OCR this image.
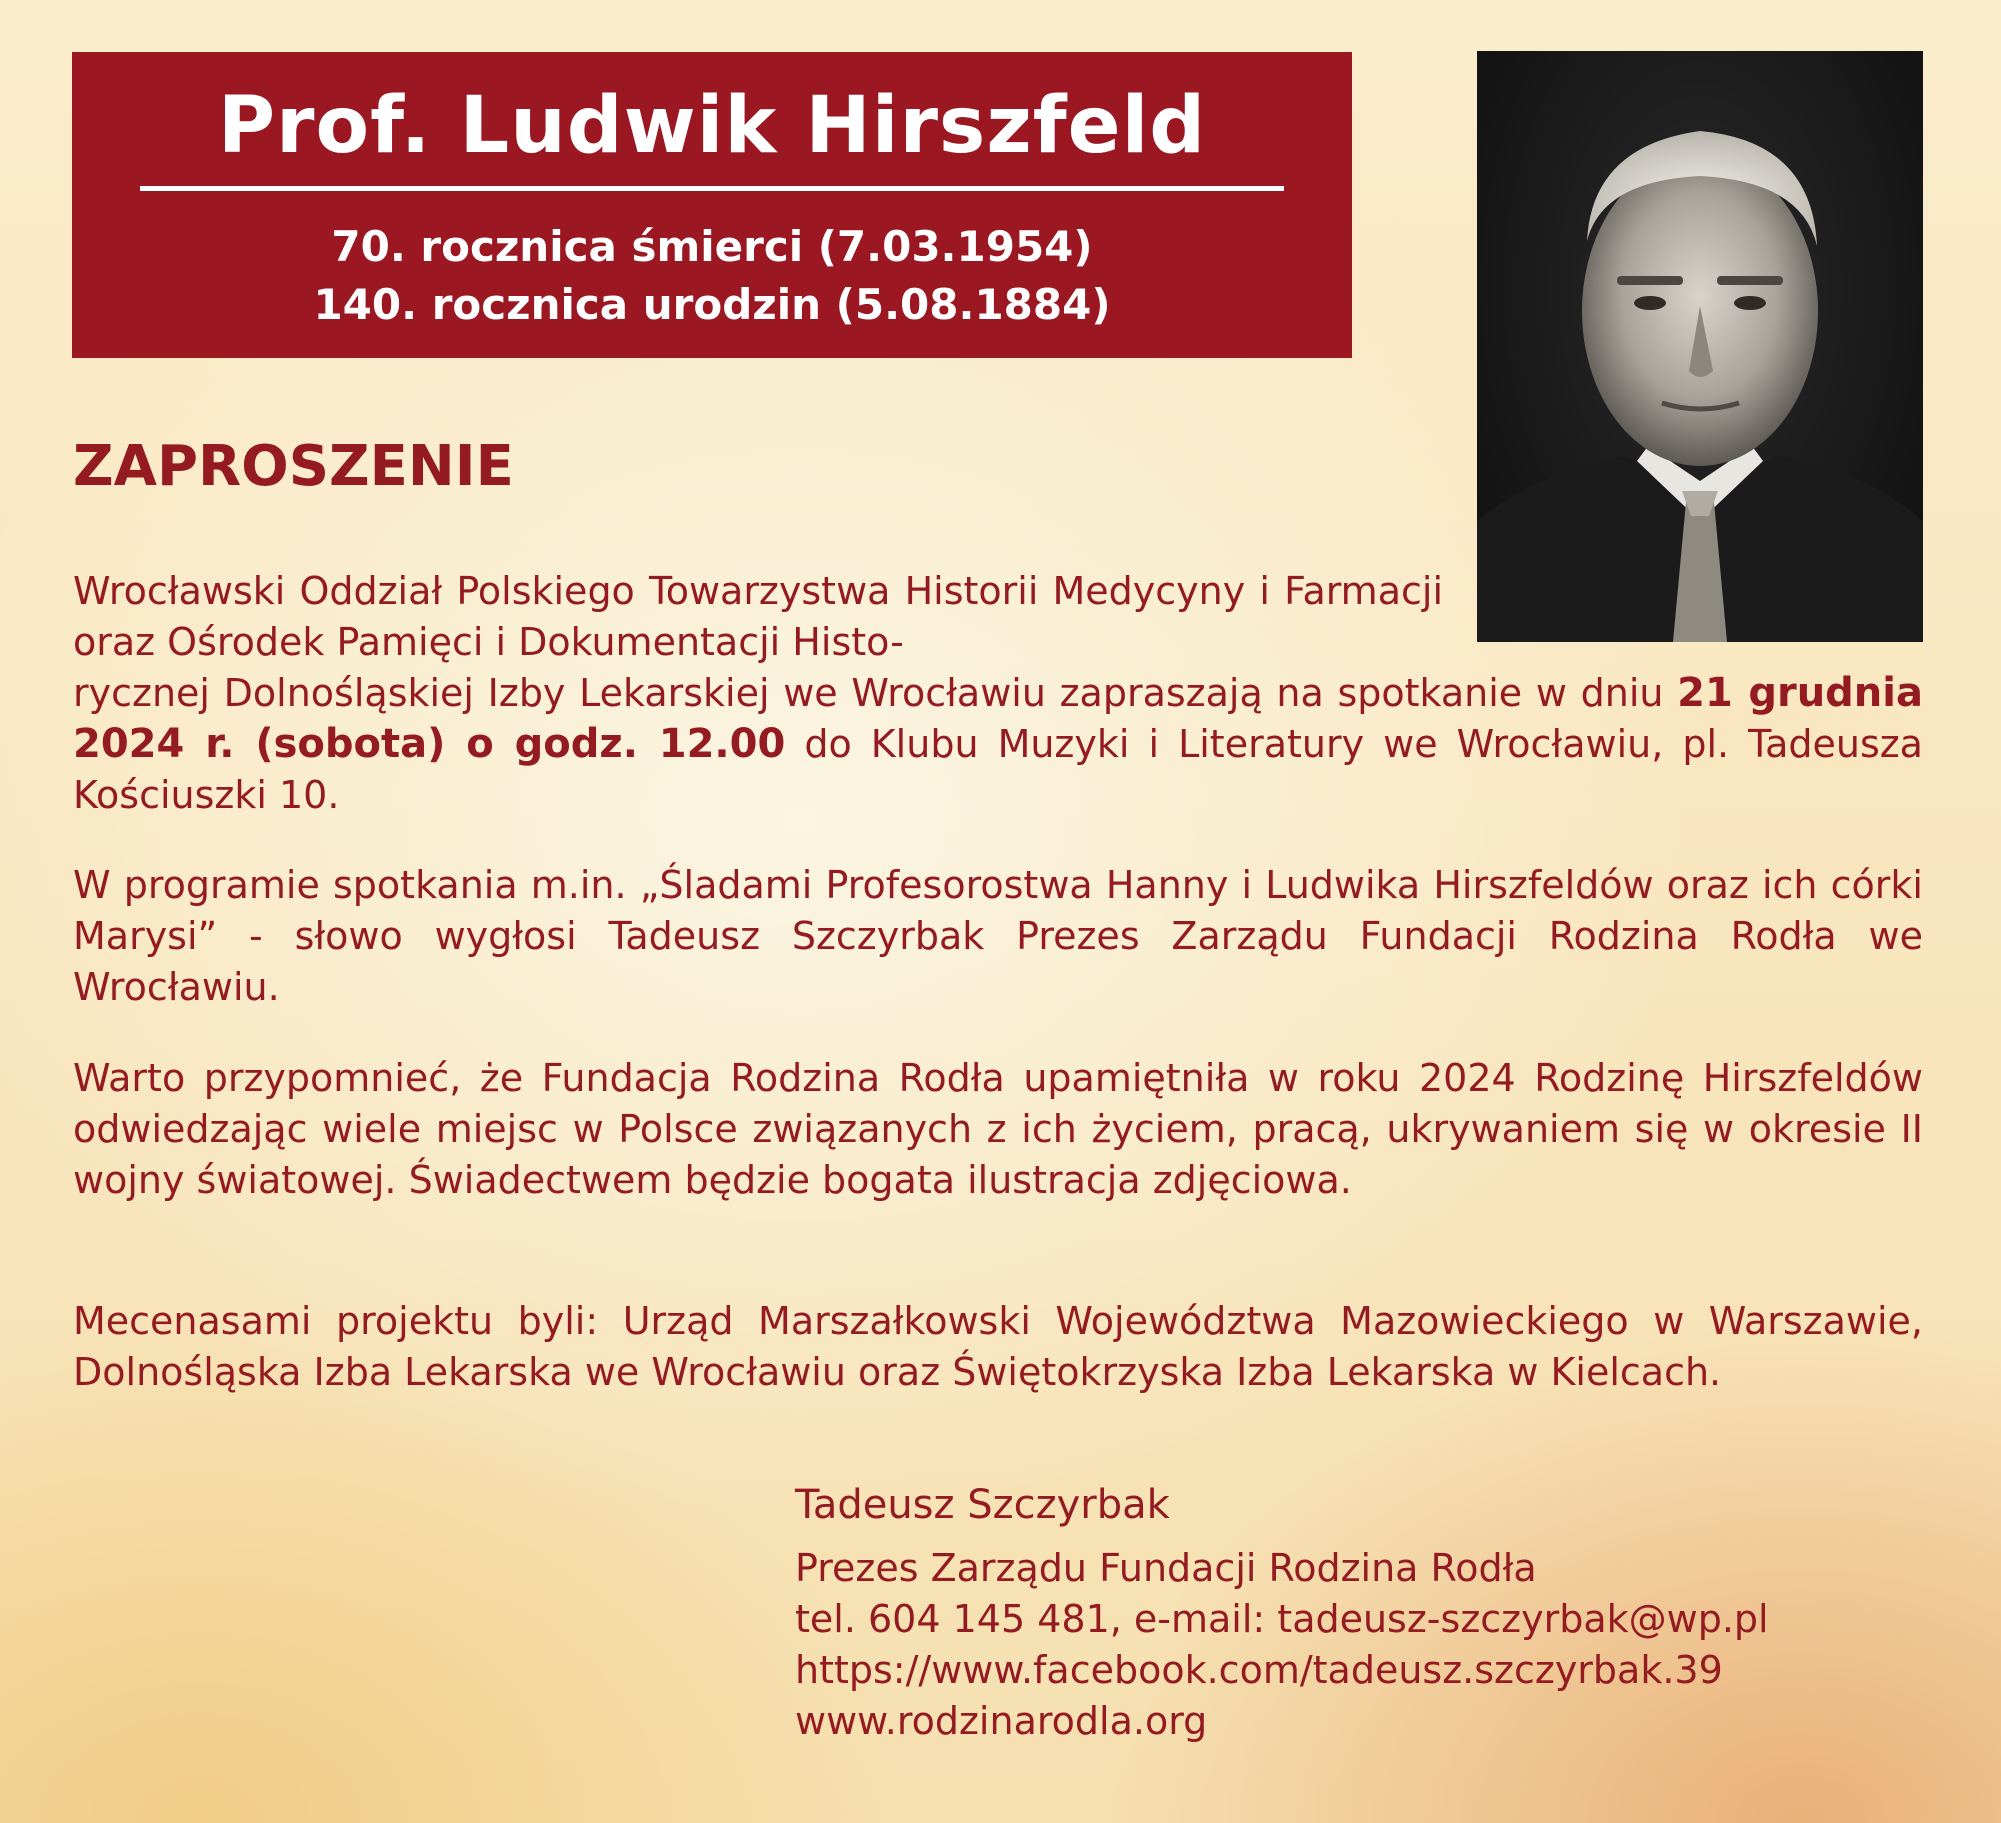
Prof. Ludwik Hirszfeld
70. rocznica śmierci (7.03.1954)
140. rocznica urodzin (5.08.1884)
ZAPROSZENIE

Wrocławski Oddział Polskiego Towarzystwa Historii Medycyny i Farmacji oraz Ośrodek Pamięci i Dokumentacji Histo-

rycznej Dolnośląskiej Izby Lekarskiej we Wrocławiu zapraszają na spotkanie w dniu 21 grudnia 2024 r. (sobota) o godz. 12.00 do Klubu Muzyki i Literatury we Wrocławiu, pl. Tadeusza Kościuszki 10.

W programie spotkania m.in. „Śladami Profesorostwa Hanny i Ludwika Hirszfeldów oraz ich córki Marysi” - słowo wygłosi Tadeusz Szczyrbak Prezes Zarządu Fundacji Rodzina Rodła we Wrocławiu.

Warto przypomnieć, że Fundacja Rodzina Rodła upamiętniła w roku 2024 Rodzinę Hirszfeldów odwiedzając wiele miejsc w Polsce związanych z ich życiem, pracą, ukrywaniem się w okresie II wojny światowej. Świadectwem będzie bogata ilustracja zdjęciowa.

Mecenasami projektu byli: Urząd Marszałkowski Województwa Mazowieckiego w Warszawie, Dolnośląska Izba Lekarska we Wrocławiu oraz Świętokrzyska Izba Lekarska w Kielcach.

Tadeusz Szczyrbak
Prezes Zarządu Fundacji Rodzina Rodła
tel. 604 145 481, e-mail: tadeusz-szczyrbak@wp.pl
https://www.facebook.com/tadeusz.szczyrbak.39
www.rodzinarodla.org
